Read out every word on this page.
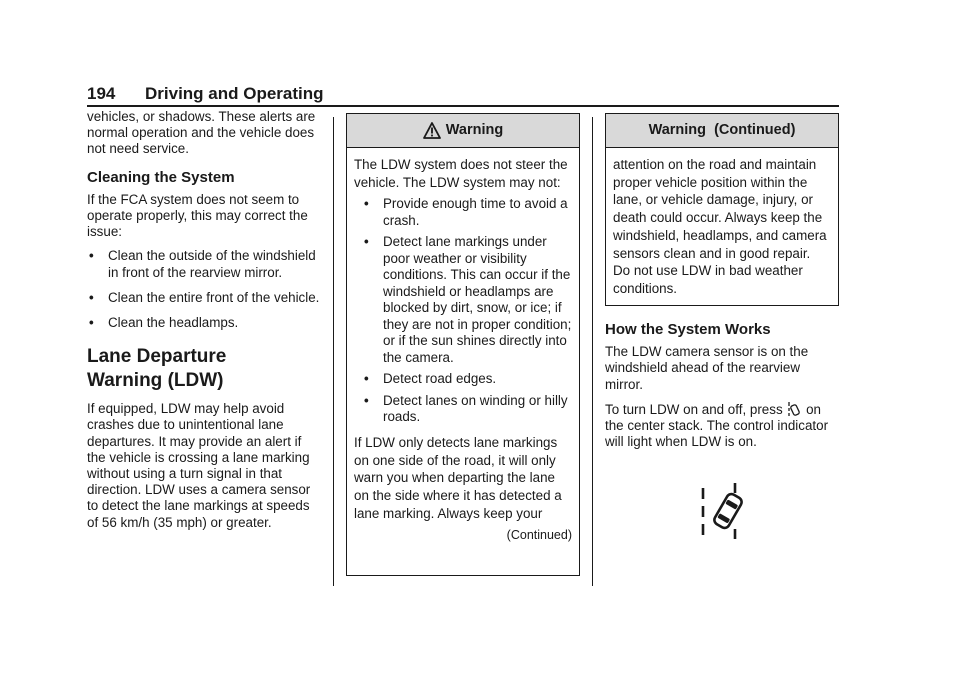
194 Driving and Operating

vehicles, or shadows. These alerts are normal operation and the vehicle does not need service.

Cleaning the System

If the FCA system does not seem to operate properly, this may correct the issue:

• Clean the outside of the windshield in front of the rearview mirror.
• Clean the entire front of the vehicle.
• Clean the headlamps.
Lane Departure
Warning (LDW)

If equipped, LDW may help avoid crashes due to unintentional lane departures. It may provide an alert if the vehicle is crossing a lane marking without using a turn signal in that direction. LDW uses a camera sensor to detect the lane markings at speeds of 56 km/h (35 mph) or greater.

Warning

The LDW system does not steer the vehicle. The LDW system may not:

• Provide enough time to avoid a crash.
• Detect lane markings under poor weather or visibility conditions. This can occur if the windshield or headlamps are blocked by dirt, snow, or ice; if they are not in proper condition; or if the sun shines directly into the camera.
• Detect road edges.
• Detect lanes on winding or hilly roads.

If LDW only detects lane markings on one side of the road, it will only warn you when departing the lane on the side where it has detected a lane marking. Always keep your

(Continued)
Warning  (Continued)

attention on the road and maintain proper vehicle position within the lane, or vehicle damage, injury, or death could occur. Always keep the windshield, headlamps, and camera sensors clean and in good repair. Do not use LDW in bad weather conditions.

How the System Works

The LDW camera sensor is on the windshield ahead of the rearview mirror.

To turn LDW on and off, press on the center stack. The control indicator will light when LDW is on.
